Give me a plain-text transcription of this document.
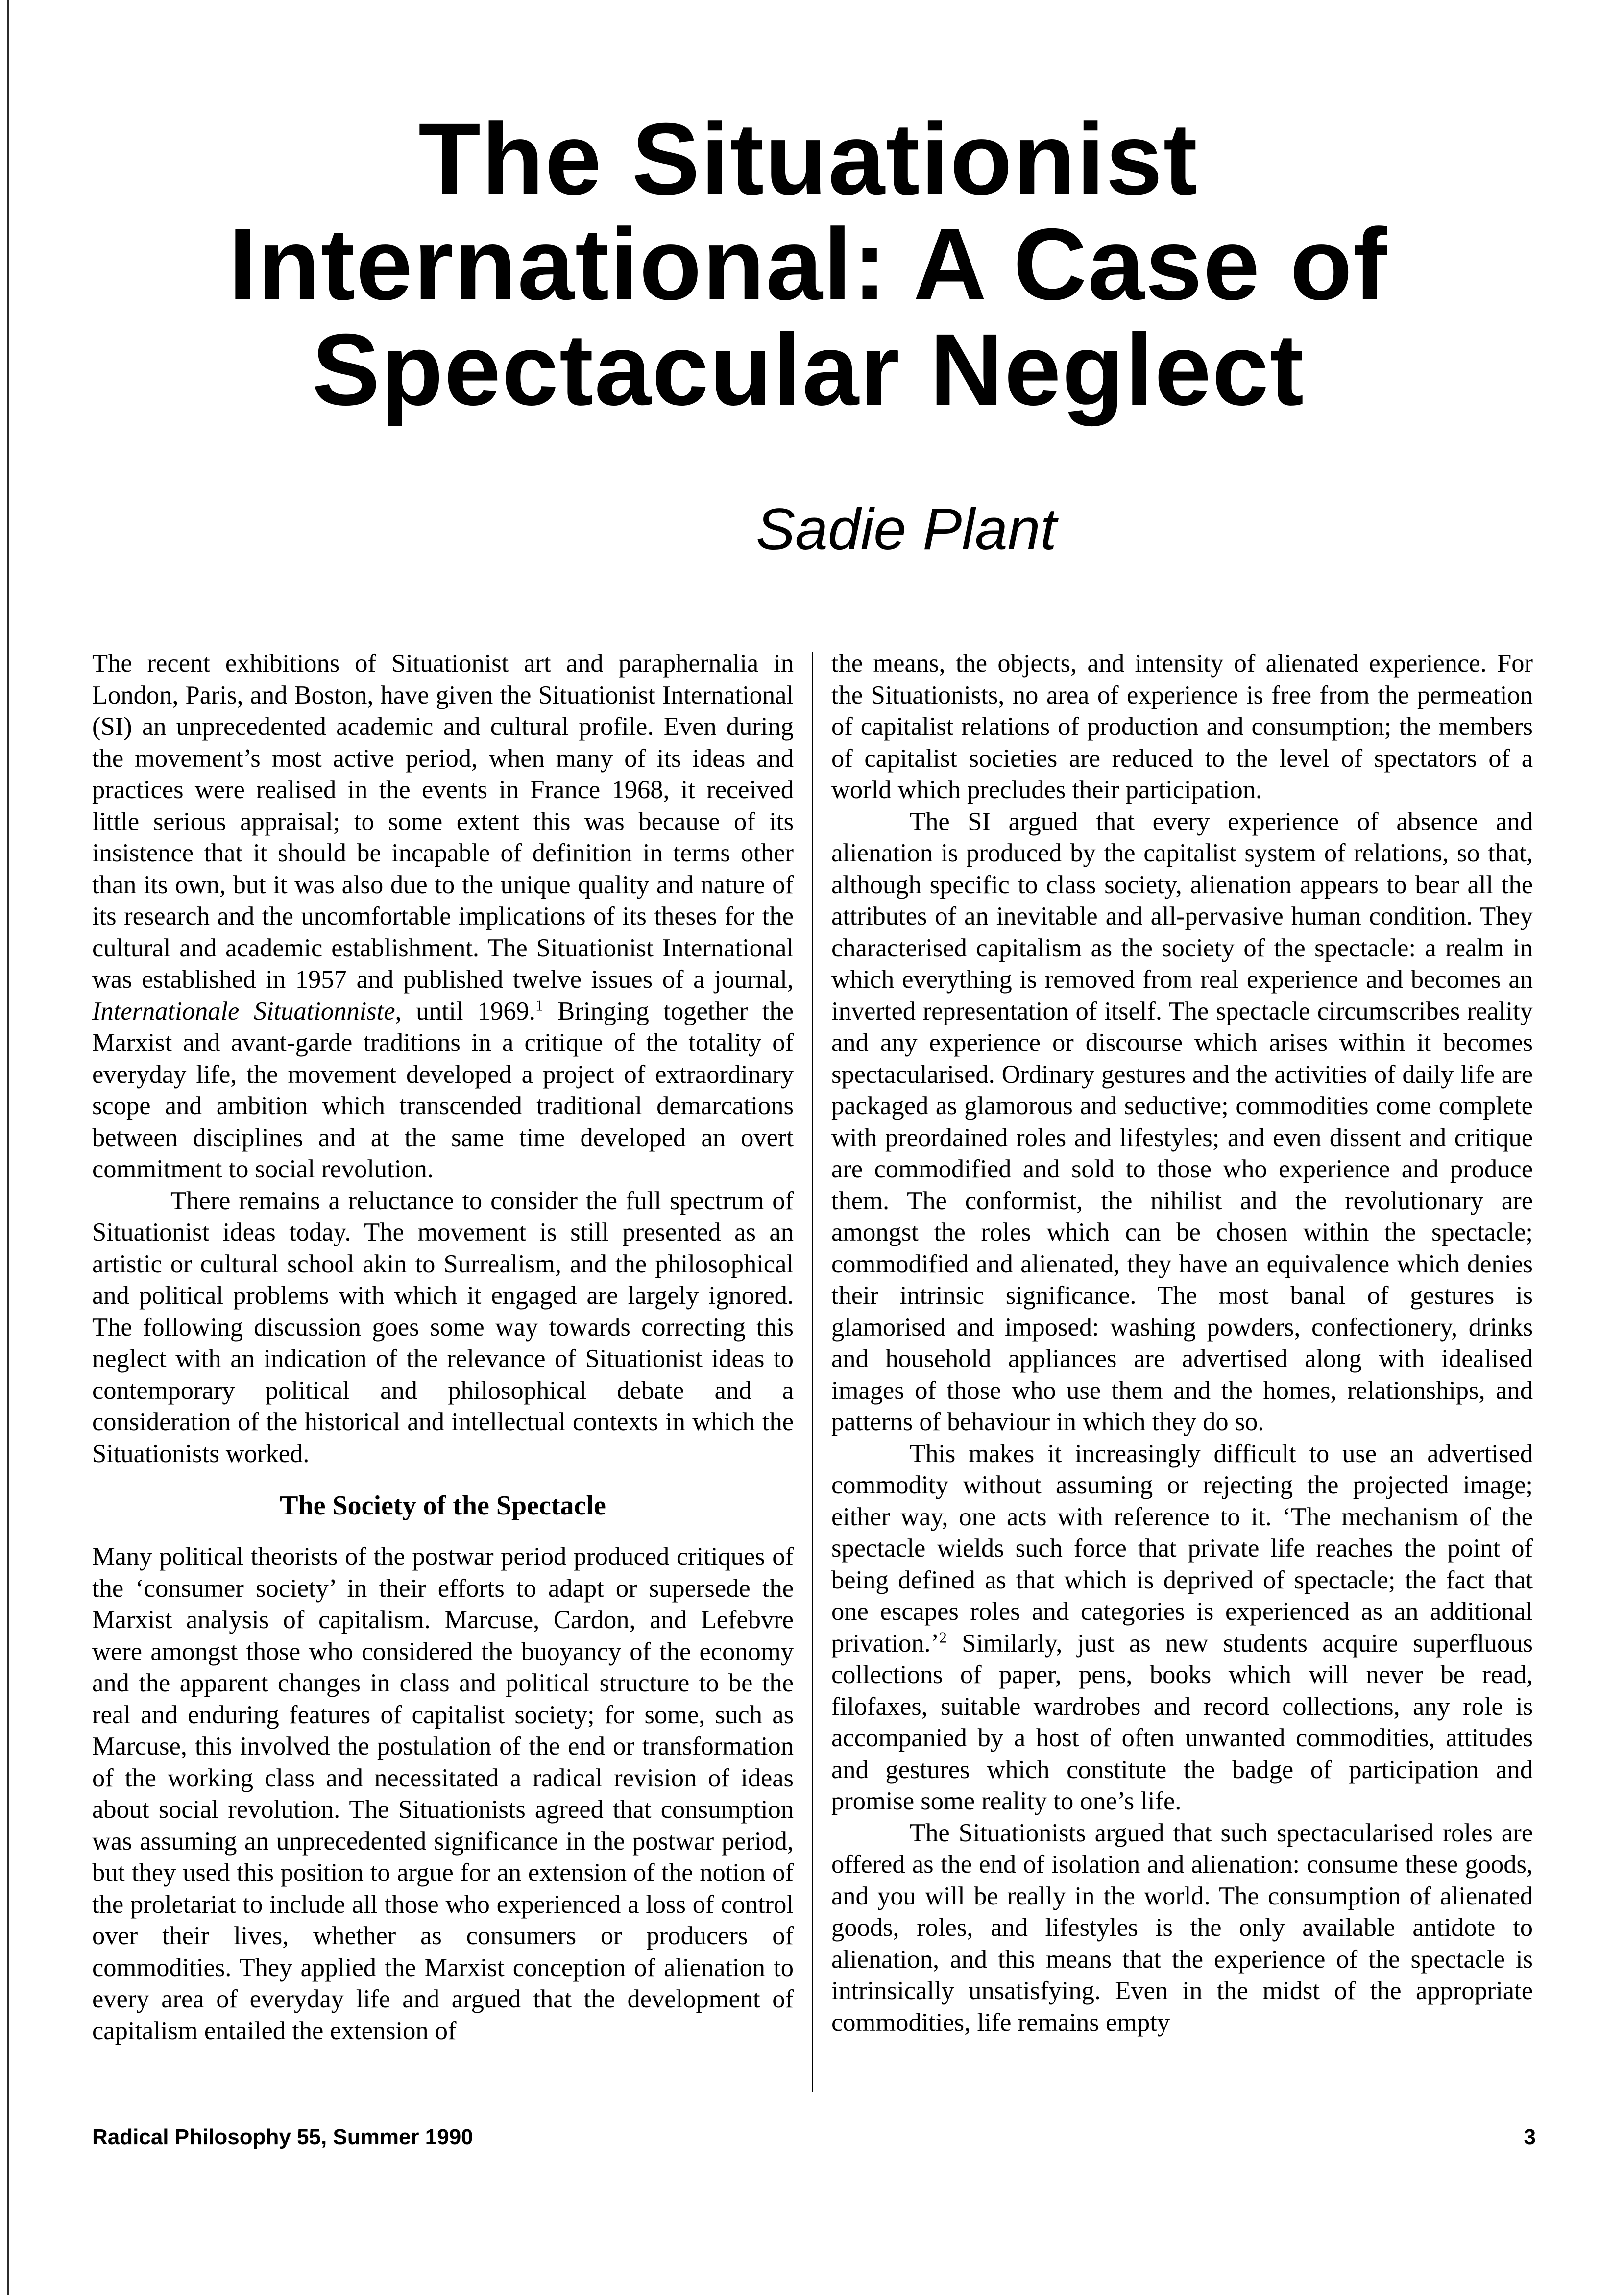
The Situationist
International: A Case of
Spectacular Neglect
Sadie Plant

The recent exhibitions of Situationist art and paraphernalia in London, Paris, and Boston, have given the Situationist International (SI) an unprecedented academic and cultural profile. Even during the movement’s most active period, when many of its ideas and practices were realised in the events in France 1968, it received little serious appraisal; to some extent this was because of its insistence that it should be incapable of definition in terms other than its own, but it was also due to the unique quality and nature of its research and the uncomfortable implications of its theses for the cultural and academic establishment. The Situationist International was established in 1957 and published twelve issues of a journal, Internationale Situationniste, until 1969.$^1$ Bringing together the Marxist and avant-garde traditions in a critique of the totality of everyday life, the movement developed a project of extraordinary scope and ambition which transcended traditional demarcations between disciplines and at the same time developed an overt commitment to social revolution.

There remains a reluctance to consider the full spectrum of Situationist ideas today. The movement is still presented as an artistic or cultural school akin to Surrealism, and the philosophical and political problems with which it engaged are largely ignored. The following discussion goes some way towards correcting this neglect with an indication of the relevance of Situationist ideas to contemporary political and philosophical debate and a consideration of the historical and intellectual contexts in which the Situationists worked.

The Society of the Spectacle

Many political theorists of the postwar period produced critiques of the ‘consumer society’ in their efforts to adapt or supersede the Marxist analysis of capitalism. Marcuse, Cardon, and Lefebvre were amongst those who considered the buoyancy of the economy and the apparent changes in class and political structure to be the real and enduring features of capitalist society; for some, such as Marcuse, this involved the postulation of the end or transformation of the working class and necessitated a radical revision of ideas about social revolution. The Situationists agreed that consumption was assuming an unprecedented significance in the postwar period, but they used this position to argue for an extension of the notion of the proletariat to include all those who experienced a loss of control over their lives, whether as consumers or producers of commodities. They applied the Marxist conception of alienation to every area of everyday life and argued that the development of capitalism entailed the extension of

the means, the objects, and intensity of alienated experience. For the Situationists, no area of experience is free from the permeation of capitalist relations of production and consumption; the members of capitalist societies are reduced to the level of spectators of a world which precludes their participation.

The SI argued that every experience of absence and alienation is produced by the capitalist system of relations, so that, although specific to class society, alienation appears to bear all the attributes of an inevitable and all-pervasive human condition. They characterised capitalism as the society of the spectacle: a realm in which everything is removed from real experience and becomes an inverted representation of itself. The spectacle circumscribes reality and any experience or discourse which arises within it becomes spectacularised. Ordinary gestures and the activities of daily life are packaged as glamorous and seductive; commodities come complete with preordained roles and lifestyles; and even dissent and critique are commodified and sold to those who experience and produce them. The conformist, the nihilist and the revolutionary are amongst the roles which can be chosen within the spectacle; commodified and alienated, they have an equivalence which denies their intrinsic significance. The most banal of gestures is glamorised and imposed: washing powders, confectionery, drinks and household appliances are advertised along with idealised images of those who use them and the homes, relationships, and patterns of behaviour in which they do so.

This makes it increasingly difficult to use an advertised commodity without assuming or rejecting the projected image; either way, one acts with reference to it. ‘The mechanism of the spectacle wields such force that private life reaches the point of being defined as that which is deprived of spectacle; the fact that one escapes roles and categories is experienced as an additional privation.’$^2$ Similarly, just as new students acquire superfluous collections of paper, pens, books which will never be read, filofaxes, suitable wardrobes and record collections, any role is accompanied by a host of often unwanted commodities, attitudes and gestures which constitute the badge of participation and promise some reality to one’s life.

The Situationists argued that such spectacularised roles are offered as the end of isolation and alienation: consume these goods, and you will be really in the world. The consumption of alienated goods, roles, and lifestyles is the only available antidote to alienation, and this means that the experience of the spectacle is intrinsically unsatisfying. Even in the midst of the appropriate commodities, life remains empty

Radical Philosophy 55, Summer 1990	3
